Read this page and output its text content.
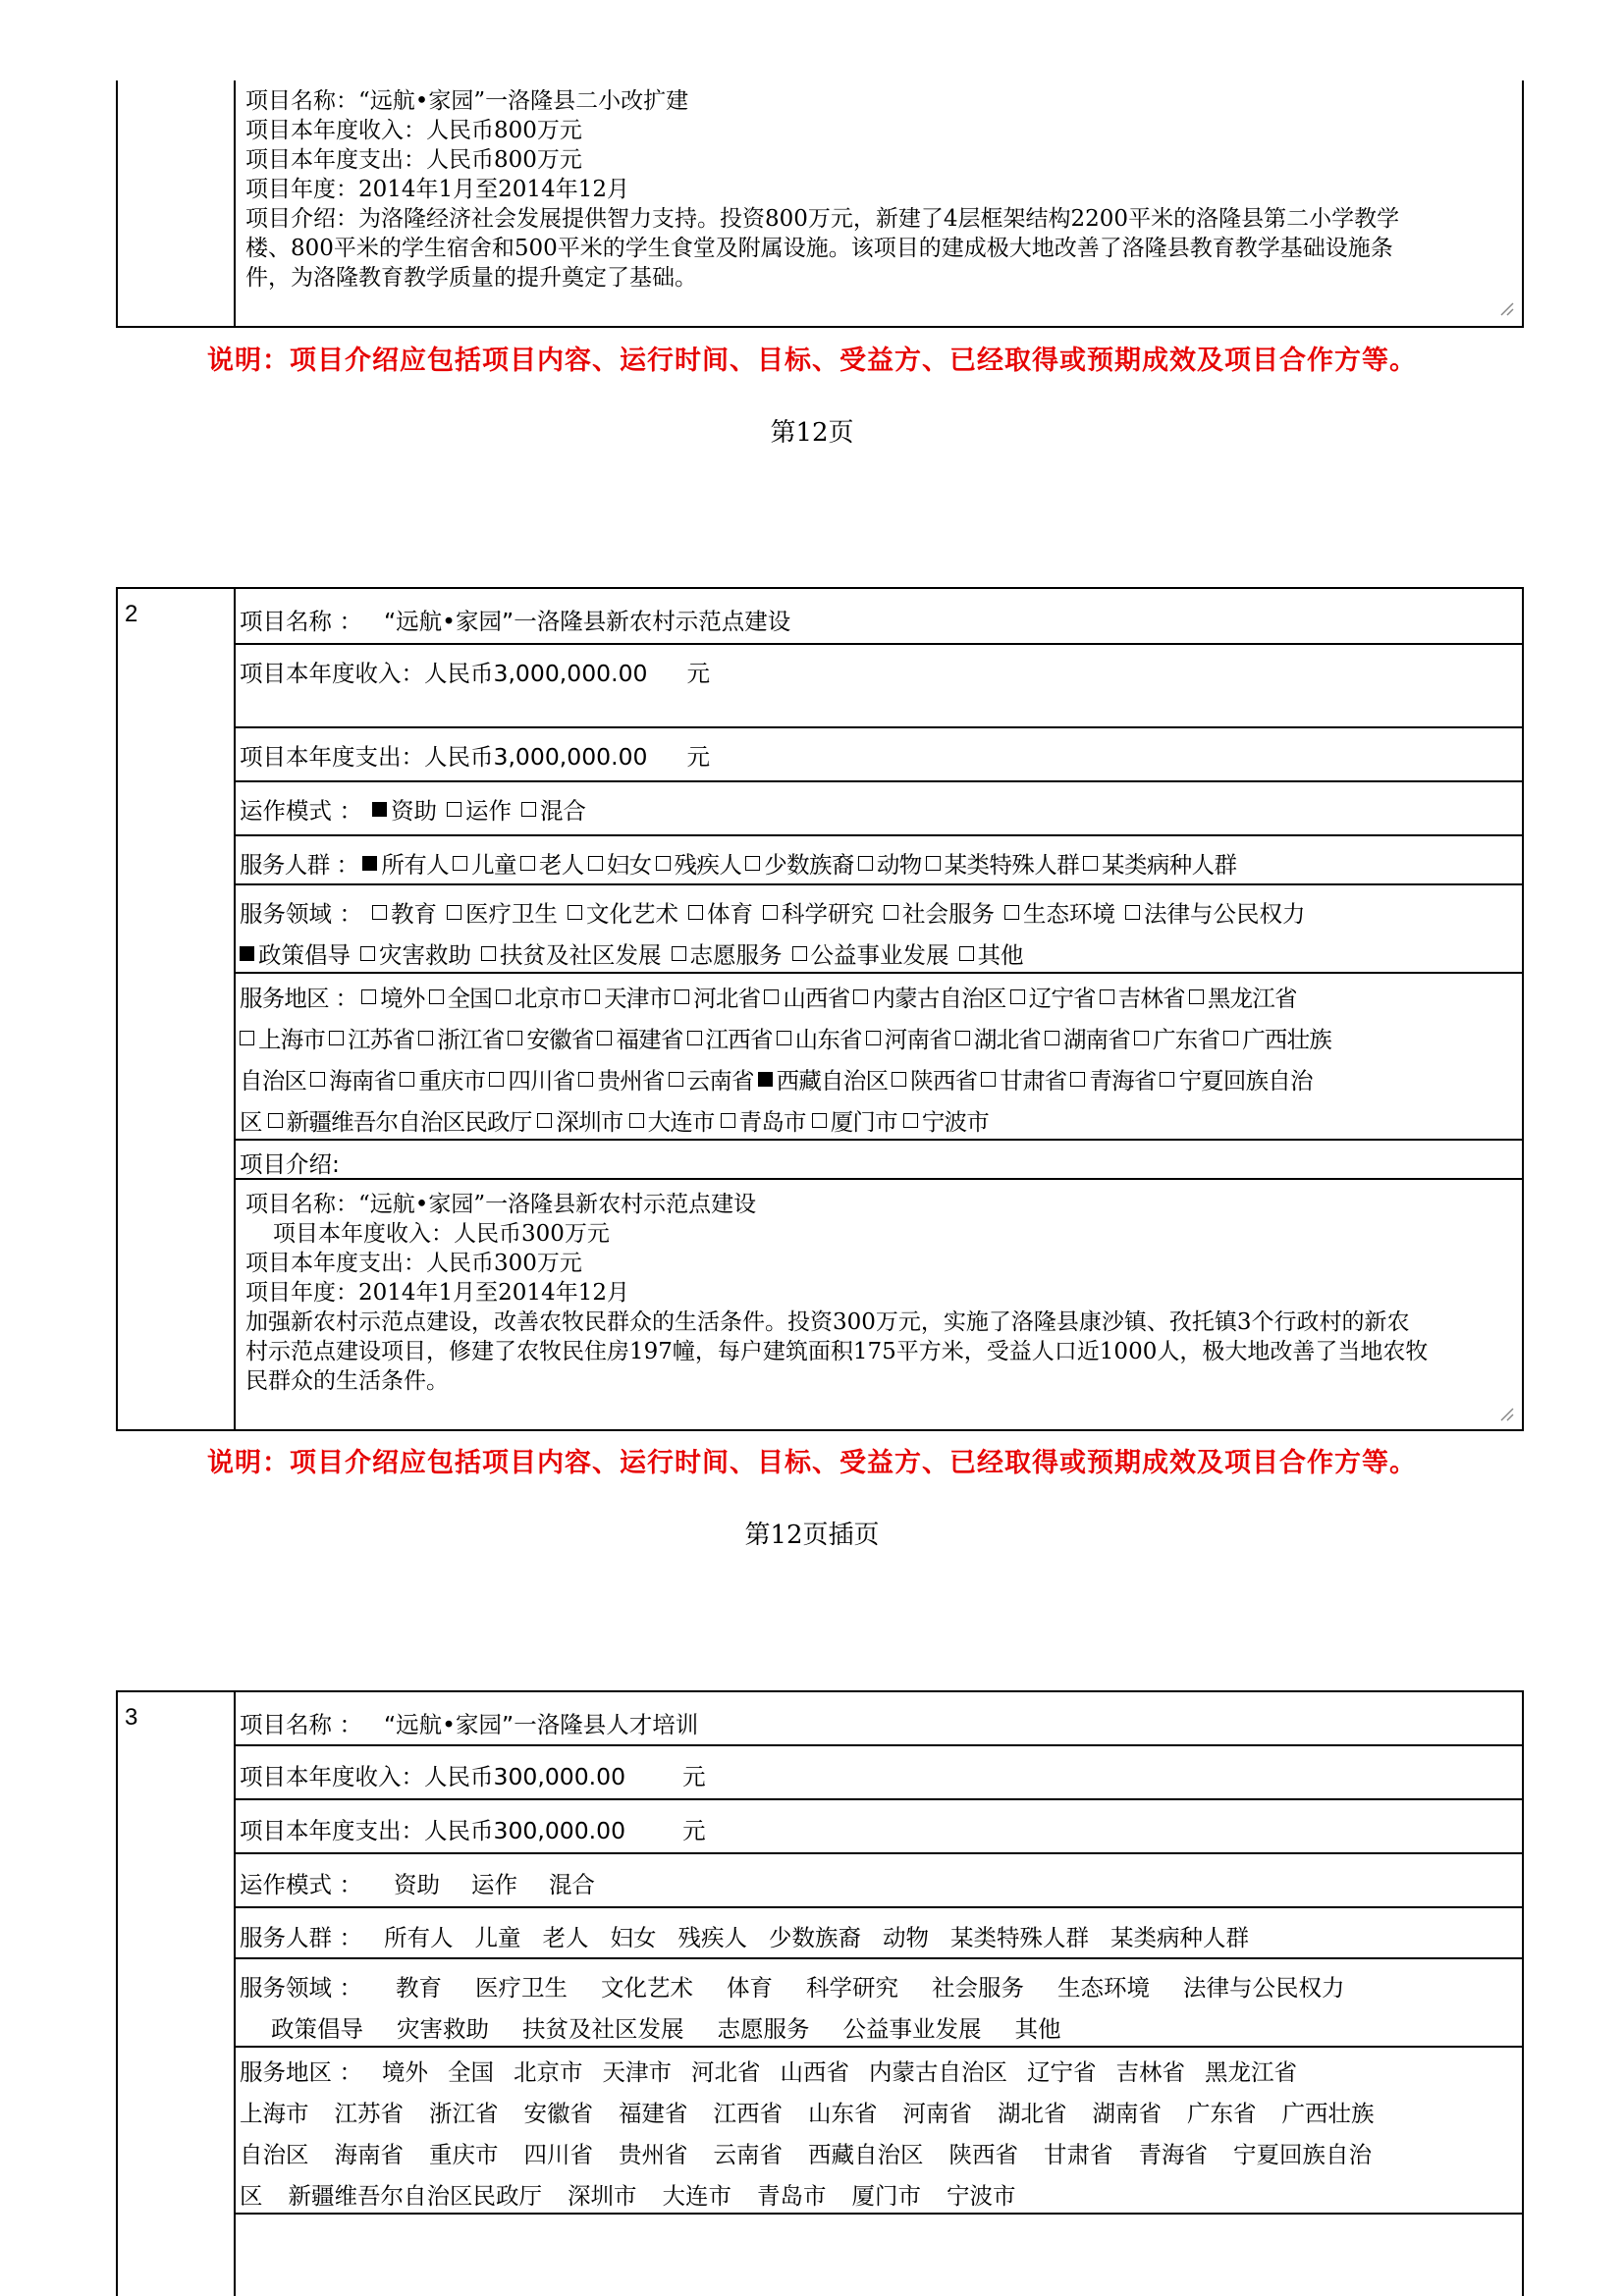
项目名称：“远航•家园”一洛隆县二小改扩建
项目本年度收入：人民币800万元
项目本年度支出：人民币800万元
项目年度：2014年1月至2014年12月
项目介绍：为洛隆经济社会发展提供智力支持。投资800万元，新建了4层框架结构2200平米的洛隆县第二小学教学
楼、800平米的学生宿舍和500平米的学生食堂及附属设施。该项目的建成极大地改善了洛隆县教育教学基础设施条
件，为洛隆教育教学质量的提升奠定了基础。
说明：项目介绍应包括项目内容、运行时间、目标、受益方、已经取得或预期成效及项目合作方等。
第12页
2	项目名称 ： “远航•家园”一洛隆县新农村示范点建设
项目本年度收入：人民币3,000,000.00 元
项目本年度支出：人民币3,000,000.00 元
运作模式 ： 资助 运作 混合
服务人群 ： 所有人 儿童 老人 妇女 残疾人 少数族裔 动物 某类特殊人群 某类病种人群
服务领域 ： 教育 医疗卫生 文化艺术 体育 科学研究 社会服务 生态环境 法律与公民权力
政策倡导 灾害救助 扶贫及社区发展 志愿服务 公益事业发展 其他
服务地区 ： 境外 全国 北京市 天津市 河北省 山西省 内蒙古自治区 辽宁省 吉林省 黑龙江省
上海市 江苏省 浙江省 安徽省 福建省 江西省 山东省 河南省 湖北省 湖南省 广东省 广西壮族
自治区 海南省 重庆市 四川省 贵州省 云南省 西藏自治区 陕西省 甘肃省 青海省 宁夏回族自治
区 新疆维吾尔自治区民政厅 深圳市 大连市 青岛市 厦门市 宁波市
项目介绍:
项目名称：“远航•家园”一洛隆县新农村示范点建设
项目本年度收入：人民币300万元
项目本年度支出：人民币300万元
项目年度：2014年1月至2014年12月
加强新农村示范点建设，改善农牧民群众的生活条件。投资300万元，实施了洛隆县康沙镇、孜托镇3个行政村的新农
村示范点建设项目，修建了农牧民住房197幢，每户建筑面积175平方米，受益人口近1000人，极大地改善了当地农牧
民群众的生活条件。
说明：项目介绍应包括项目内容、运行时间、目标、受益方、已经取得或预期成效及项目合作方等。
第12页插页
3	项目名称 ： “远航•家园”一洛隆县人才培训
项目本年度收入：人民币300,000.00 元
项目本年度支出：人民币300,000.00 元
运作模式 ： 资助 运作 混合
服务人群 ： 所有人 儿童 老人 妇女 残疾人 少数族裔 动物 某类特殊人群 某类病种人群
服务领域 ： 教育 医疗卫生 文化艺术 体育 科学研究 社会服务 生态环境 法律与公民权力
政策倡导 灾害救助 扶贫及社区发展 志愿服务 公益事业发展 其他
服务地区 ： 境外 全国 北京市 天津市 河北省 山西省 内蒙古自治区 辽宁省 吉林省 黑龙江省
上海市 江苏省 浙江省 安徽省 福建省 江西省 山东省 河南省 湖北省 湖南省 广东省 广西壮族
自治区 海南省 重庆市 四川省 贵州省 云南省 西藏自治区 陕西省 甘肃省 青海省 宁夏回族自治
区 新疆维吾尔自治区民政厅 深圳市 大连市 青岛市 厦门市 宁波市
